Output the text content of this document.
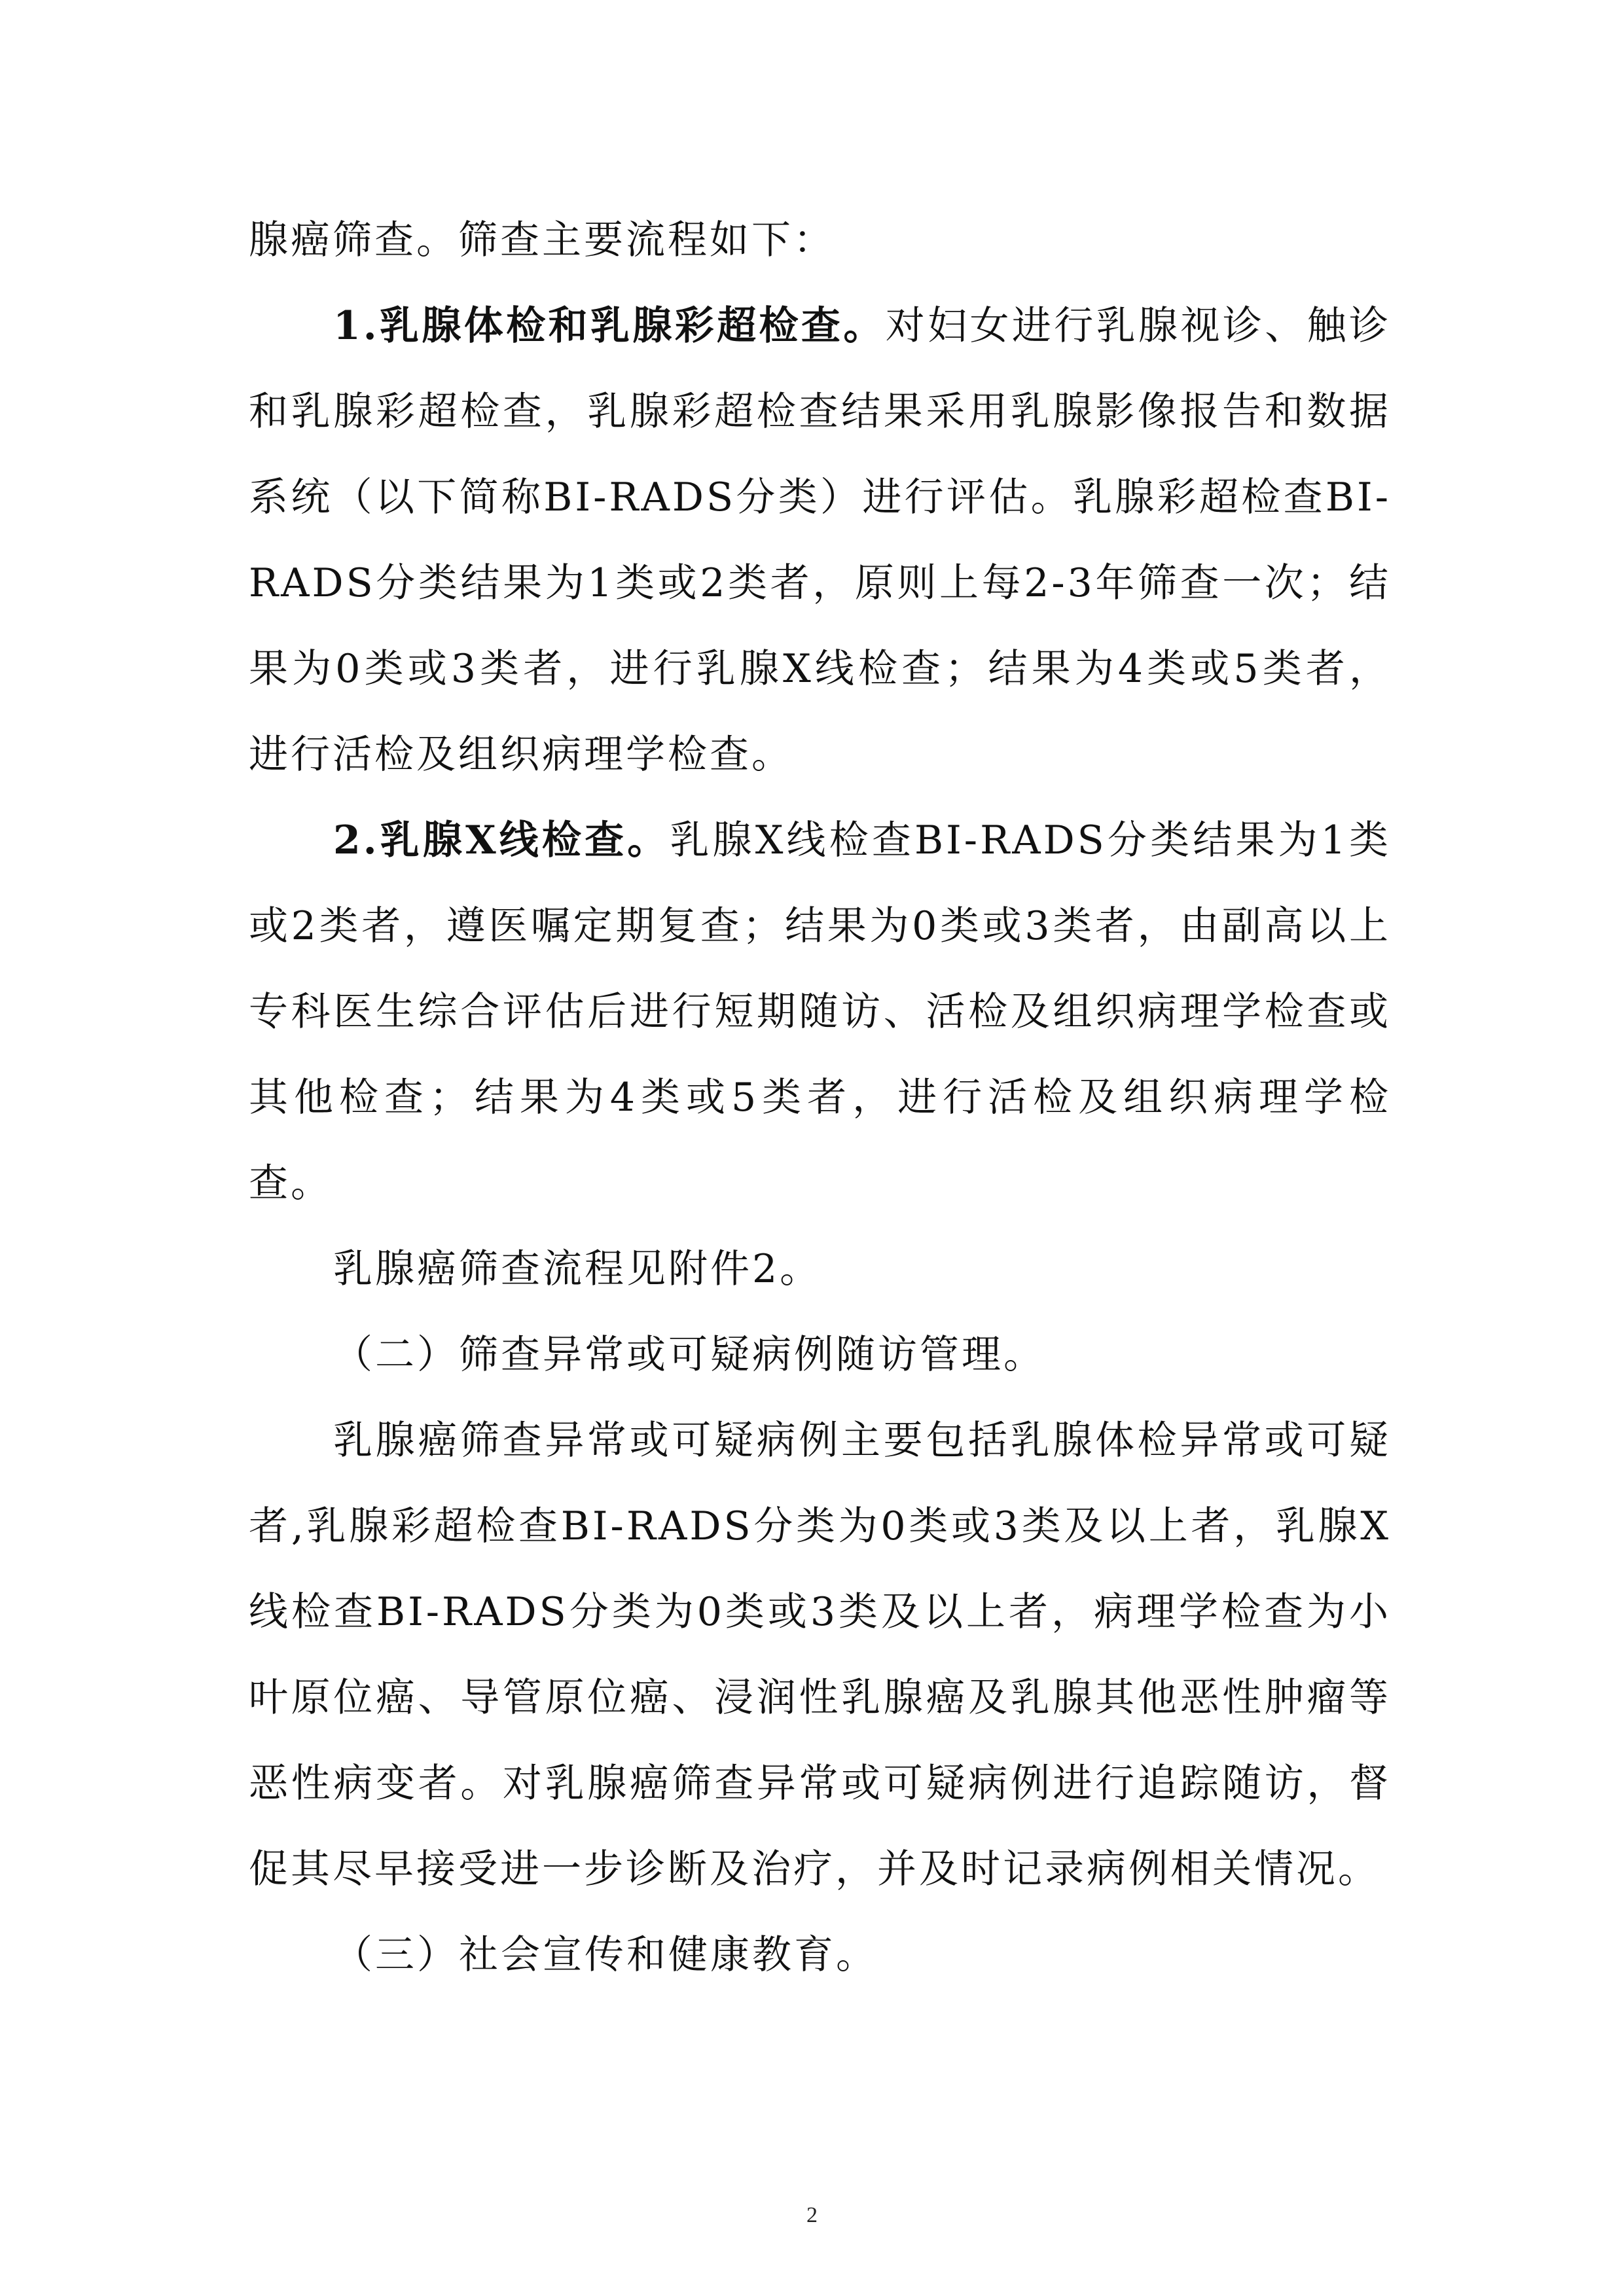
腺癌筛查。筛查主要流程如下：

1.乳腺体检和乳腺彩超检查。对妇女进行乳腺视诊、触诊和乳腺彩超检查，乳腺彩超检查结果采用乳腺影像报告和数据系统（以下简称BI-RADS分类）进行评估。乳腺彩超检查BI-RADS分类结果为1类或2类者，原则上每2-3年筛查一次；结果为0类或3类者，进行乳腺X线检查；结果为4类或5类者，进行活检及组织病理学检查。

2.乳腺X线检查。乳腺X线检查BI-RADS分类结果为1类或2类者，遵医嘱定期复查；结果为0类或3类者，由副高以上专科医生综合评估后进行短期随访、活检及组织病理学检查或其他检查；结果为4类或5类者，进行活检及组织病理学检查。

乳腺癌筛查流程见附件2。

（二）筛查异常或可疑病例随访管理。

乳腺癌筛查异常或可疑病例主要包括乳腺体检异常或可疑者,乳腺彩超检查BI-RADS分类为0类或3类及以上者，乳腺X线检查BI-RADS分类为0类或3类及以上者，病理学检查为小叶原位癌、导管原位癌、浸润性乳腺癌及乳腺其他恶性肿瘤等恶性病变者。对乳腺癌筛查异常或可疑病例进行追踪随访，督促其尽早接受进一步诊断及治疗，并及时记录病例相关情况。

（三）社会宣传和健康教育。

2
